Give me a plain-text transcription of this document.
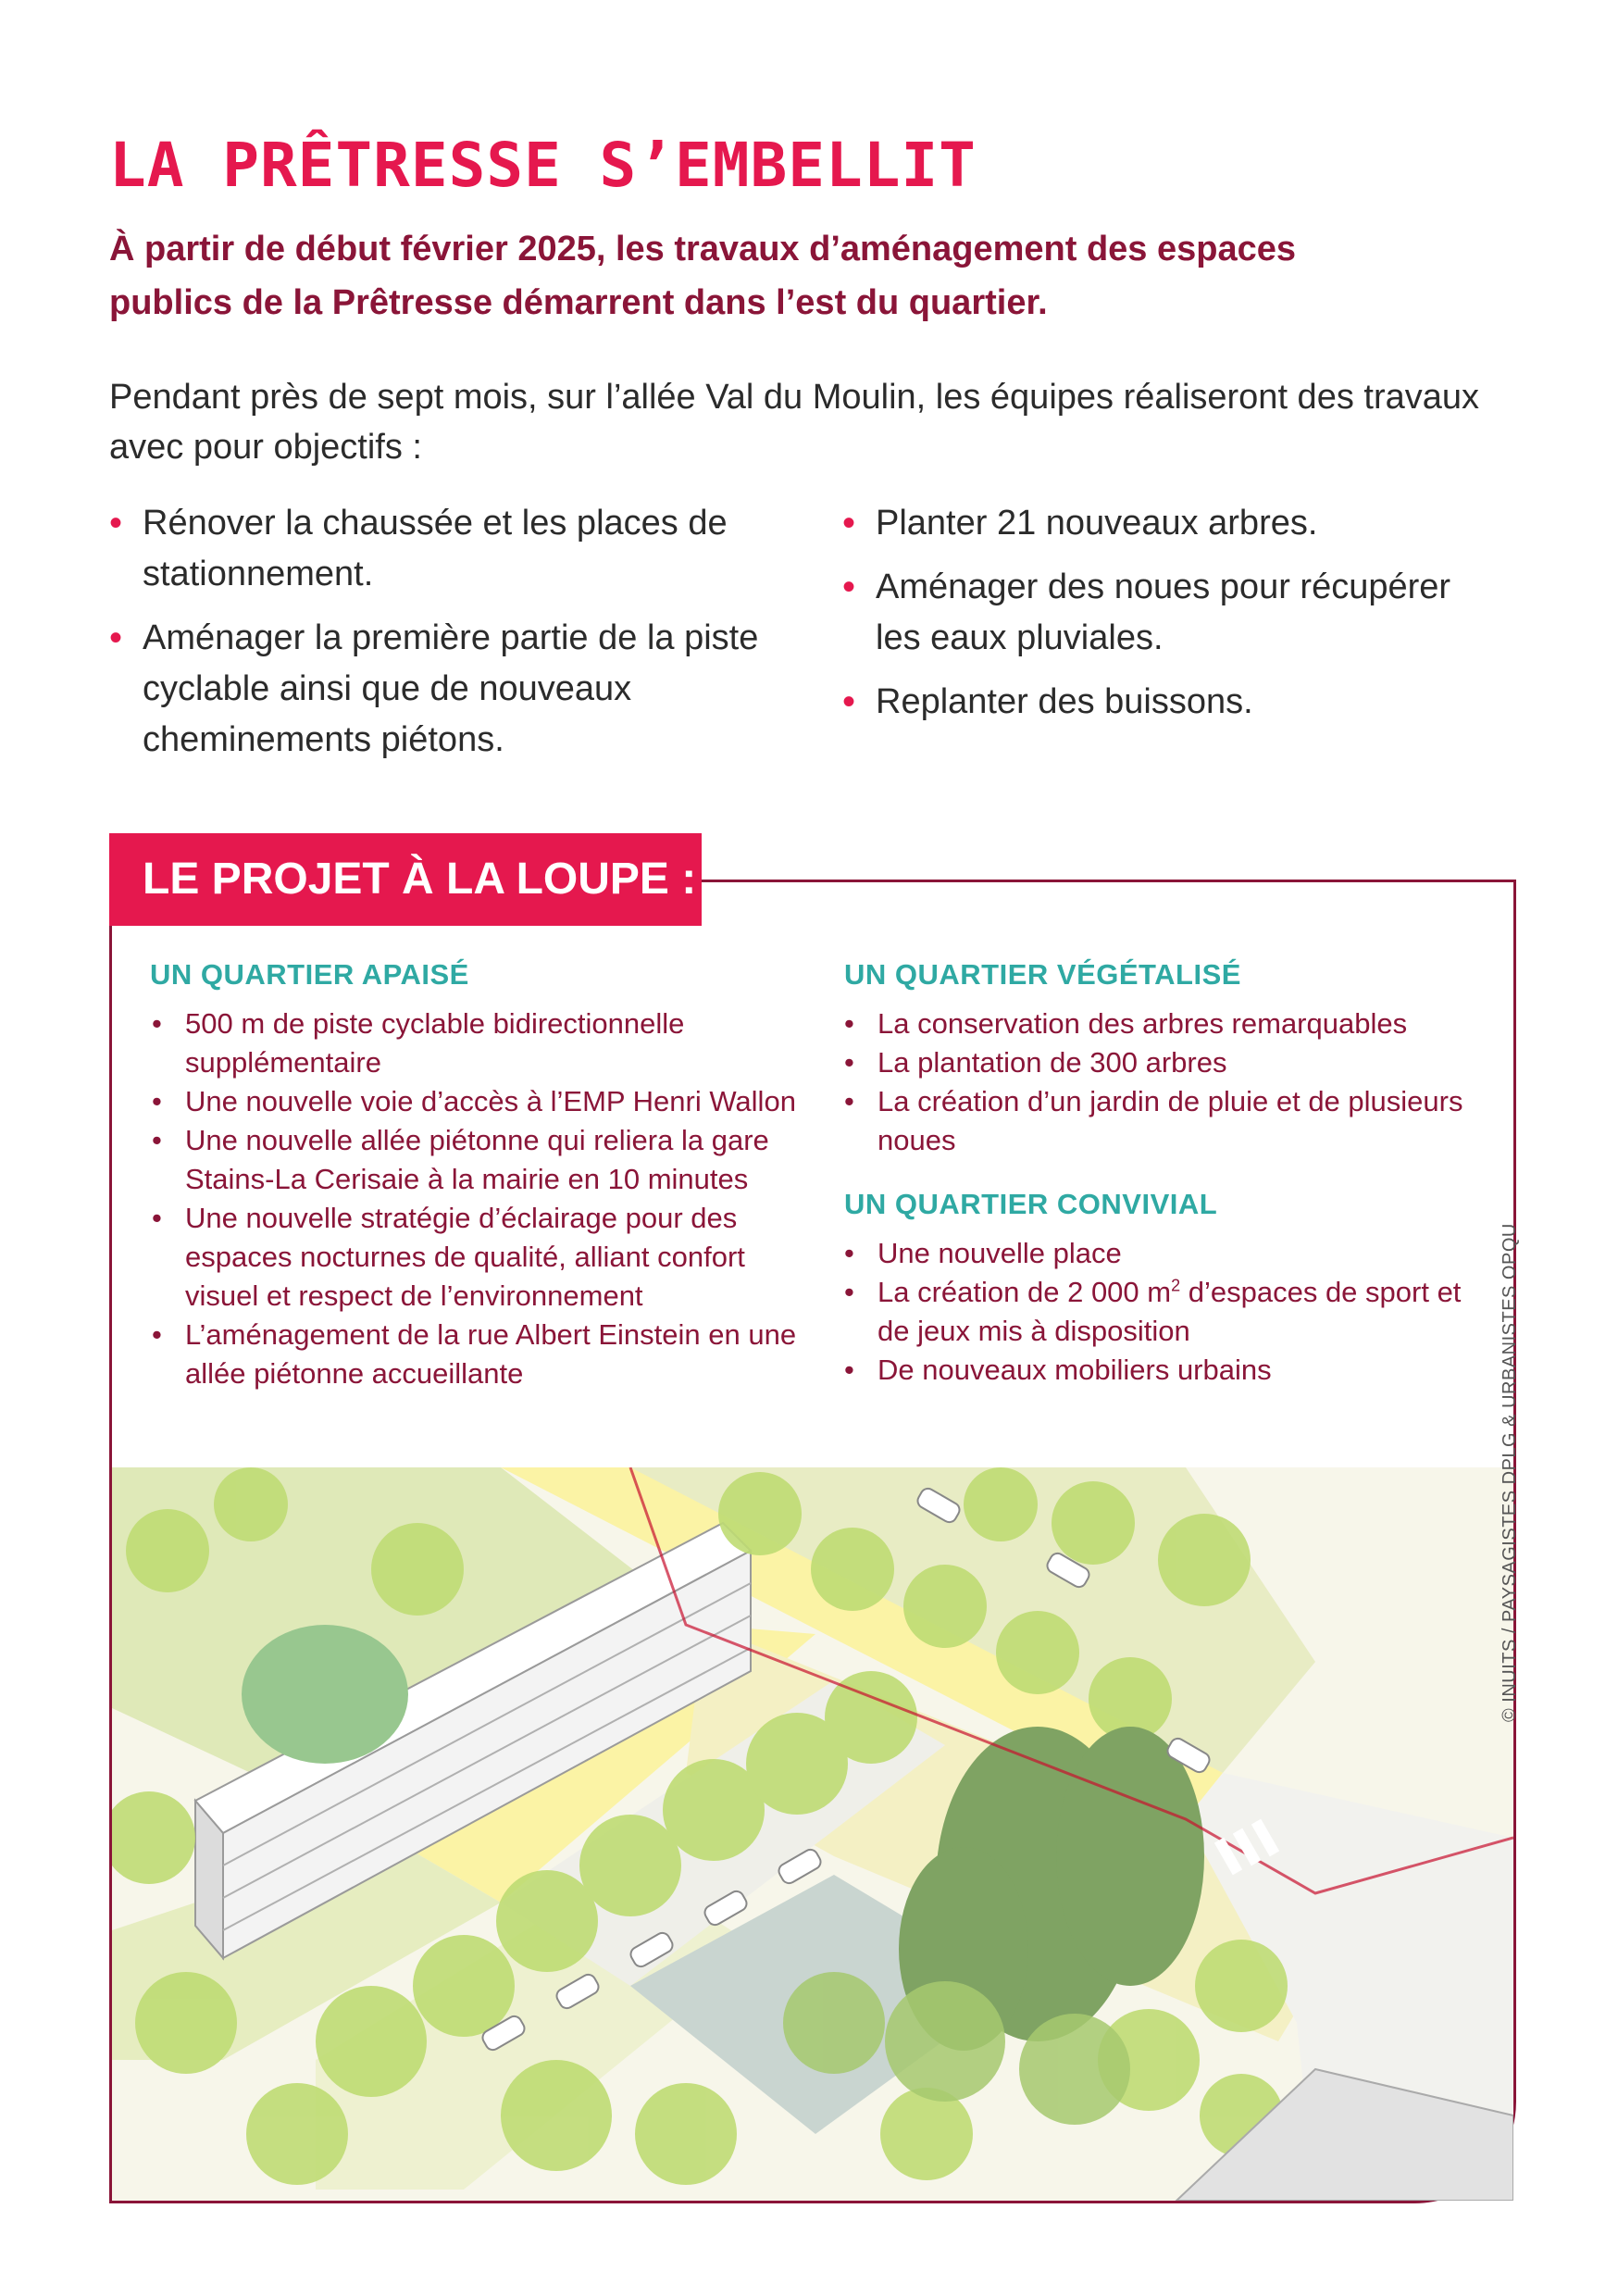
LA PRÊTRESSE S’EMBELLIT

À partir de début février 2025, les travaux d’aménagement des espaces publics de la Prêtresse démarrent dans l’est du quartier.

Pendant près de sept mois, sur l’allée Val du Moulin, les équipes réaliseront des travaux avec pour objectifs :

• Rénover la chaussée et les places de stationnement.
• Aménager la première partie de la piste cyclable ainsi que de nouveaux cheminements piétons.
• Planter 21 nouveaux arbres.
• Aménager des noues pour récupérer les eaux pluviales.
• Replanter des buissons.
LE PROJET À LA LOUPE :
UN QUARTIER APAISÉ
• 500 m de piste cyclable bidirectionnelle supplémentaire
• Une nouvelle voie d’accès à l’EMP Henri Wallon
• Une nouvelle allée piétonne qui reliera la gare Stains-La Cerisaie à la mairie en 10 minutes
• Une nouvelle stratégie d’éclairage pour des espaces nocturnes de qualité, alliant confort visuel et respect de l’environnement
• L’aménagement de la rue Albert Einstein en une allée piétonne accueillante
UN QUARTIER VÉGÉTALISÉ
• La conservation des arbres remarquables
• La plantation de 300 arbres
• La création d’un jardin de pluie et de plusieurs noues
UN QUARTIER CONVIVIAL
• Une nouvelle place
• La création de 2 000 $m^2$ d’espaces de sport et de jeux mis à disposition
• De nouveaux mobiliers urbains	© INUITS / PAYSAGISTES DPLG & URBANISTES OPQU
